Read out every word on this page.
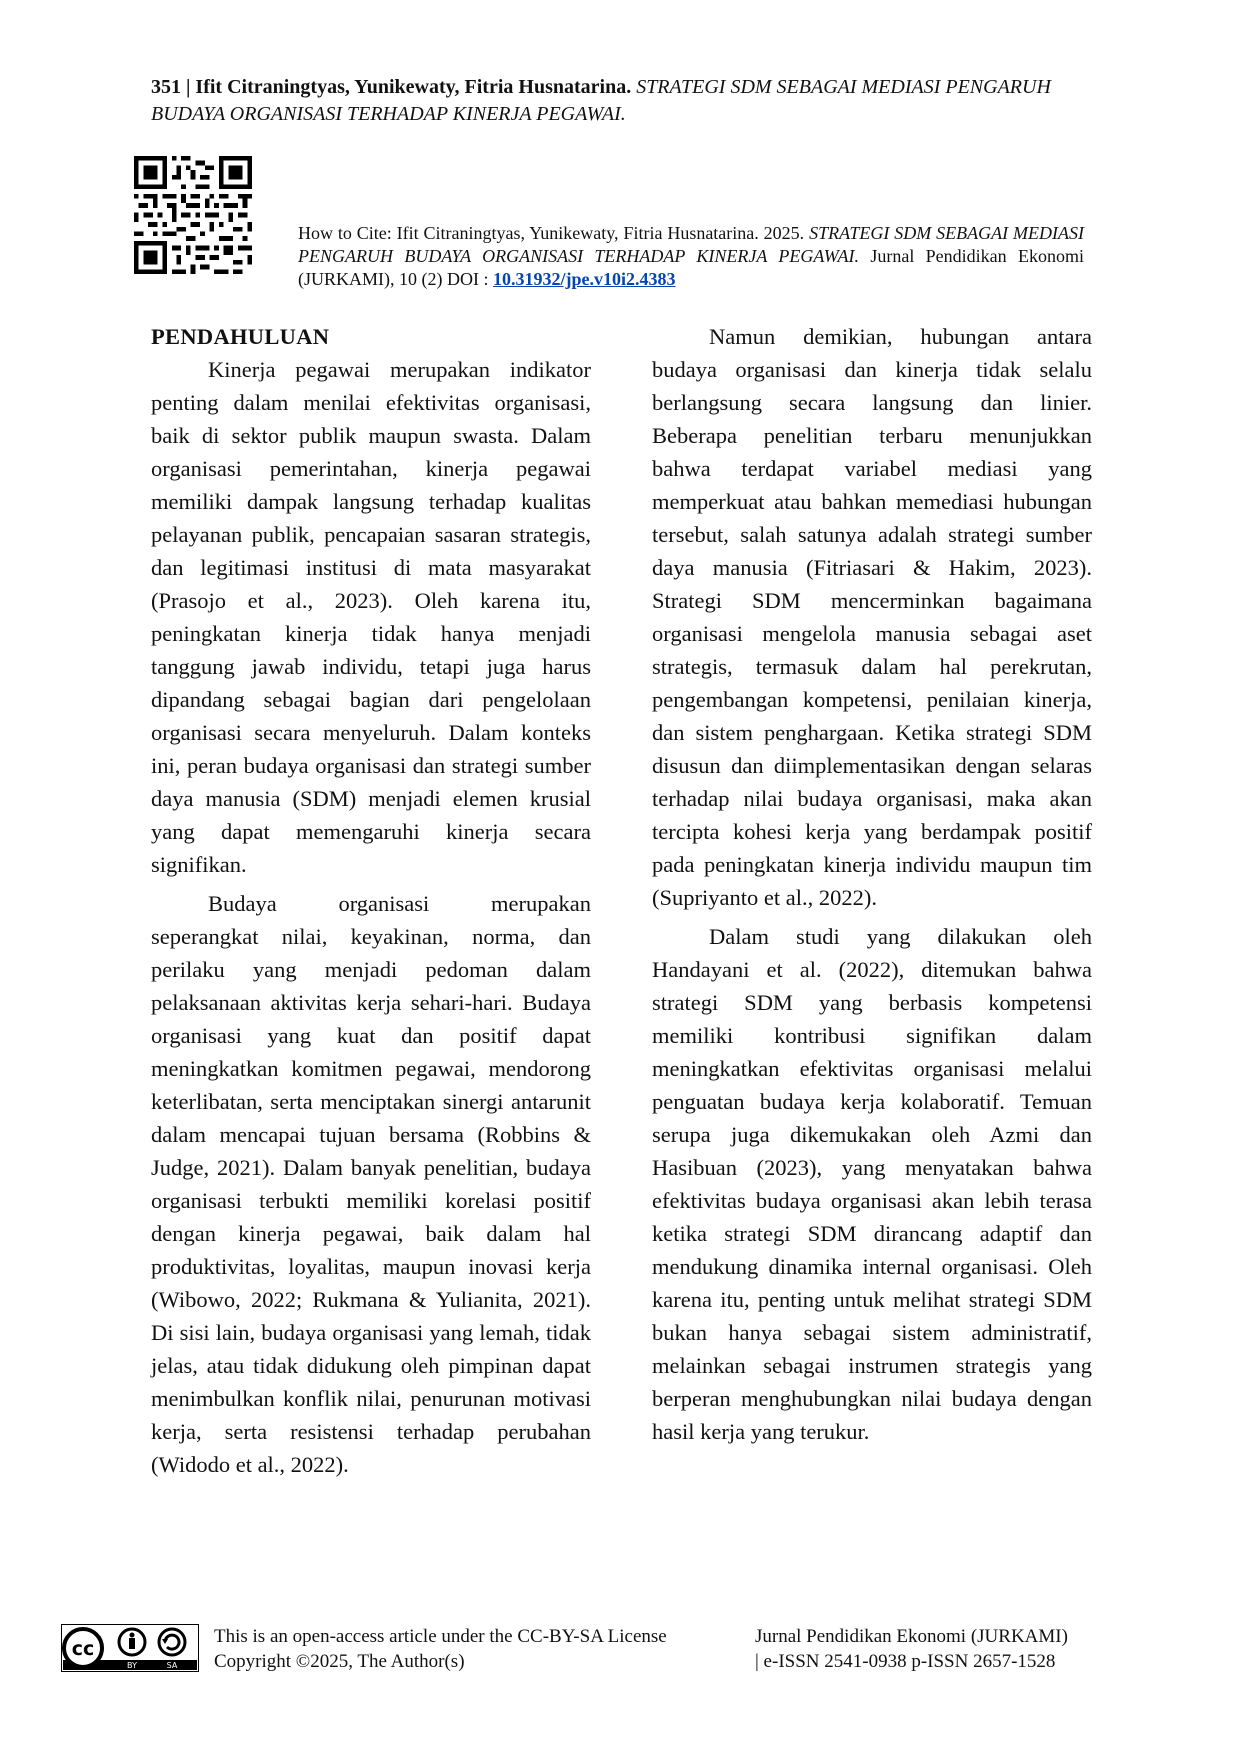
351 | Ifit Citraningtyas, Yunikewaty, Fitria Husnatarina. STRATEGI SDM SEBAGAI MEDIASI PENGARUH BUDAYA ORGANISASI TERHADAP KINERJA PEGAWAI.
How to Cite: Ifit Citraningtyas, Yunikewaty, Fitria Husnatarina. 2025. STRATEGI SDM SEBAGAI MEDIASI PENGARUH BUDAYA ORGANISASI TERHADAP KINERJA PEGAWAI. Jurnal Pendidikan Ekonomi (JURKAMI), 10 (2) DOI : 10.31932/jpe.v10i2.4383
PENDAHULUAN

Kinerja pegawai merupakan indikator penting dalam menilai efektivitas organisasi, baik di sektor publik maupun swasta. Dalam organisasi pemerintahan, kinerja pegawai memiliki dampak langsung terhadap kualitas pelayanan publik, pencapaian sasaran strategis, dan legitimasi institusi di mata masyarakat (Prasojo et al., 2023). Oleh karena itu, peningkatan kinerja tidak hanya menjadi tanggung jawab individu, tetapi juga harus dipandang sebagai bagian dari pengelolaan organisasi secara menyeluruh. Dalam konteks ini, peran budaya organisasi dan strategi sumber daya manusia (SDM) menjadi elemen krusial yang dapat memengaruhi kinerja secara signifikan.

Budaya organisasi merupakan seperangkat nilai, keyakinan, norma, dan perilaku yang menjadi pedoman dalam pelaksanaan aktivitas kerja sehari-hari. Budaya organisasi yang kuat dan positif dapat meningkatkan komitmen pegawai, mendorong keterlibatan, serta menciptakan sinergi antarunit dalam mencapai tujuan bersama (Robbins & Judge, 2021). Dalam banyak penelitian, budaya organisasi terbukti memiliki korelasi positif dengan kinerja pegawai, baik dalam hal produktivitas, loyalitas, maupun inovasi kerja (Wibowo, 2022; Rukmana & Yulianita, 2021). Di sisi lain, budaya organisasi yang lemah, tidak jelas, atau tidak didukung oleh pimpinan dapat menimbulkan konflik nilai, penurunan motivasi kerja, serta resistensi terhadap perubahan (Widodo et al., 2022).

Namun demikian, hubungan antara budaya organisasi dan kinerja tidak selalu berlangsung secara langsung dan linier. Beberapa penelitian terbaru menunjukkan bahwa terdapat variabel mediasi yang memperkuat atau bahkan memediasi hubungan tersebut, salah satunya adalah strategi sumber daya manusia (Fitriasari & Hakim, 2023). Strategi SDM mencerminkan bagaimana organisasi mengelola manusia sebagai aset strategis, termasuk dalam hal perekrutan, pengembangan kompetensi, penilaian kinerja, dan sistem penghargaan. Ketika strategi SDM disusun dan diimplementasikan dengan selaras terhadap nilai budaya organisasi, maka akan tercipta kohesi kerja yang berdampak positif pada peningkatan kinerja individu maupun tim (Supriyanto et al., 2022).

Dalam studi yang dilakukan oleh Handayani et al. (2022), ditemukan bahwa strategi SDM yang berbasis kompetensi memiliki kontribusi signifikan dalam meningkatkan efektivitas organisasi melalui penguatan budaya kerja kolaboratif. Temuan serupa juga dikemukakan oleh Azmi dan Hasibuan (2023), yang menyatakan bahwa efektivitas budaya organisasi akan lebih terasa ketika strategi SDM dirancang adaptif dan mendukung dinamika internal organisasi. Oleh karena itu, penting untuk melihat strategi SDM bukan hanya sebagai sistem administratif, melainkan sebagai instrumen strategis yang berperan menghubungkan nilai budaya dengan hasil kerja yang terukur.

cc
BY	SA
This is an open-access article under the CC-BY-SA License
Copyright ©2025, The Author(s)
Jurnal Pendidikan Ekonomi (JURKAMI)
| e-ISSN 2541-0938 p-ISSN 2657-1528
